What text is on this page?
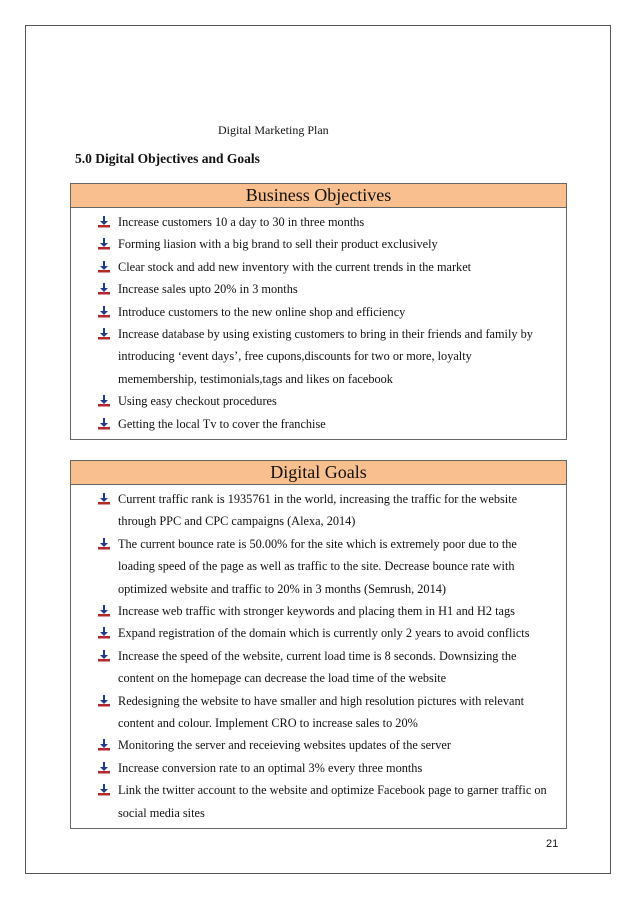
Digital Marketing Plan
5.0 Digital Objectives and Goals
Business Objectives
Increase customers 10 a day to 30 in three months
Forming liasion with a big brand to sell their product exclusively
Clear stock and add new inventory with the current trends in the market
Increase sales upto 20% in 3 months
Introduce customers to the new online shop and efficiency
Increase database by using existing customers to bring in their friends and family by introducing ‘event days’, free cupons,discounts for two or more, loyalty memembership, testimonials,tags and likes on facebook
Using easy checkout procedures
Getting the local Tv to cover the franchise
Digital Goals
Current traffic rank is 1935761 in the world, increasing the traffic for the website through PPC and CPC campaigns (Alexa, 2014)
The current bounce rate is 50.00% for the site which is extremely poor due to the loading speed of the page as well as traffic to the site. Decrease bounce rate with optimized website and traffic to 20% in 3 months (Semrush, 2014)
Increase web traffic with stronger keywords and placing them in H1 and H2 tags
Expand registration of the domain which is currently only 2 years to avoid conflicts
Increase the speed of the website, current load time is 8 seconds. Downsizing the content on the homepage can decrease the load time of the website
Redesigning the website to have smaller and high resolution pictures with relevant content and colour. Implement CRO to increase sales to 20%
Monitoring the server and receieving websites updates of the server
Increase conversion rate to an optimal 3% every three months
Link the twitter account to the website and optimize Facebook page to garner traffic on social media sites
21
